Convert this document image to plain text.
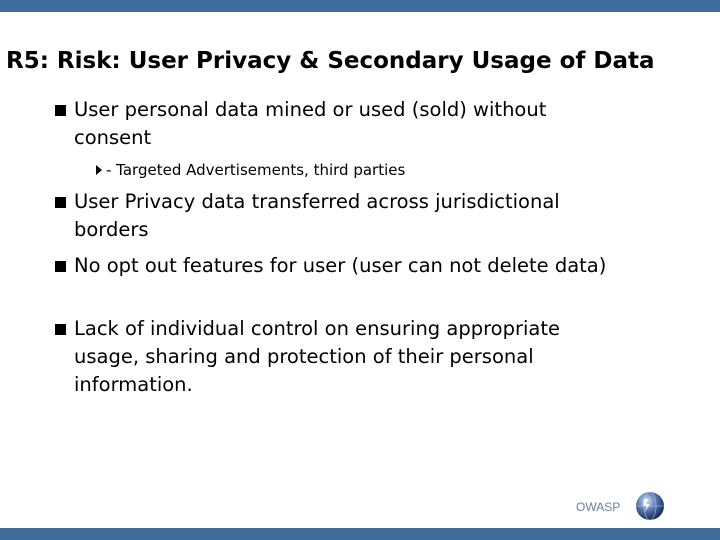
R5: Risk: User Privacy & Secondary Usage of Data
User personal data mined or used (sold) without consent
- Targeted Advertisements, third parties
User Privacy data transferred across jurisdictional borders
No opt out features for user (user can not delete data)
Lack of individual control on ensuring appropriate usage, sharing and protection of their personal information.
OWASP
